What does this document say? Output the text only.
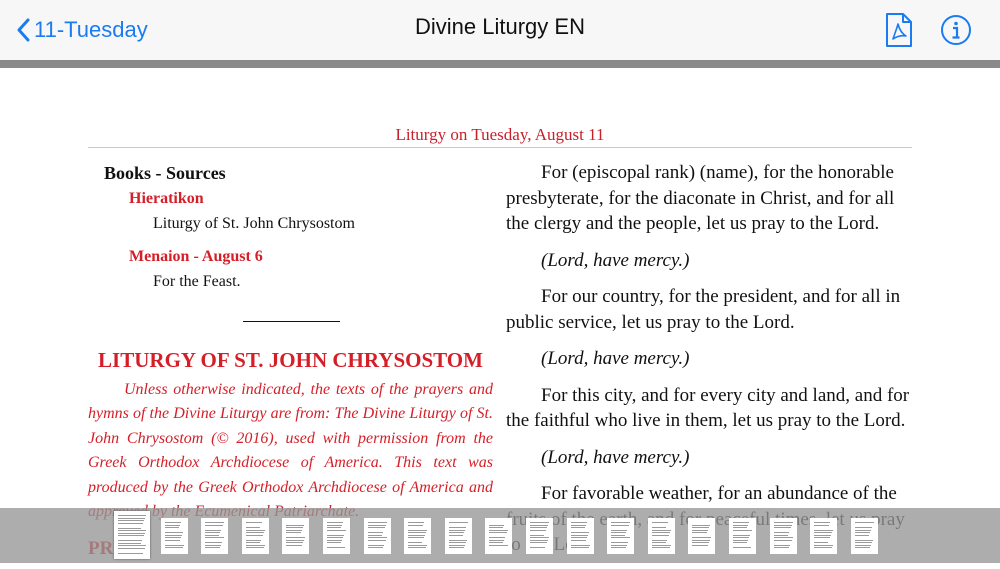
11-Tuesday	Divine Liturgy EN
Liturgy on Tuesday, August 11
Books - Sources
Hieratikon
Liturgy of St. John Chrysostom
Menaion - August 6
For the Feast.
LITURGY OF ST. JOHN CHRYSOSTOM

Unless otherwise indicated, the texts of the prayers and hymns of the Divine Liturgy are from: The Divine Liturgy of St. John Chrysostom (© 2016), used with permission from the Greek Orthodox Archdiocese of America. This text was produced by the Greek Orthodox Archdiocese of America and

For (episcopal rank) (name), for the honorable presbyterate, for the diaconate in Christ, and for all the clergy and the people, let us pray to the Lord.

(Lord, have mercy.)

For our country, for the president, and for all in public service, let us pray to the Lord.

(Lord, have mercy.)

For this city, and for every city and land, and for the faithful who live in them, let us pray to the Lord.

(Lord, have mercy.)

For favorable weather, for an abundance of the
